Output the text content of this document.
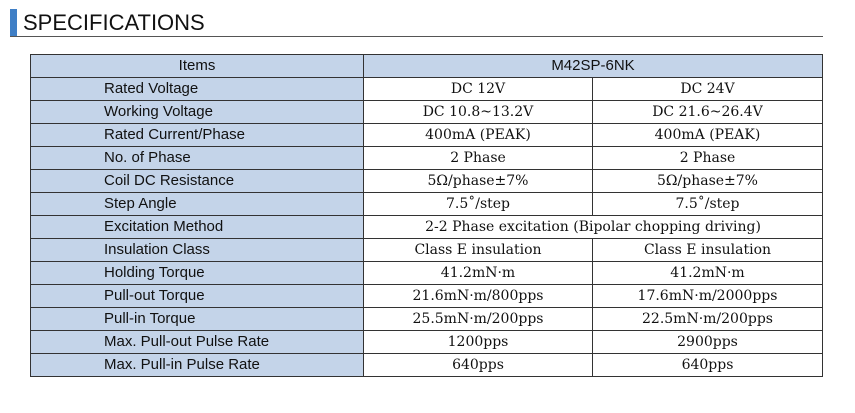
SPECIFICATIONS
Items	M42SP-6NK	
Rated Voltage	DC 12V	DC 24V
Working Voltage	DC 10.8~13.2V	DC 21.6~26.4V
Rated Current/Phase	400mA (PEAK)	400mA (PEAK)
No. of Phase	2 Phase	2 Phase
Coil DC Resistance	5Ω/phase±7%	5Ω/phase±7%
Step Angle	7.5˚/step	7.5˚/step
Excitation Method	2-2 Phase excitation (Bipolar chopping driving)	
Insulation Class	Class E insulation	Class E insulation
Holding Torque	41.2mN·m	41.2mN·m
Pull-out Torque	21.6mN·m/800pps	17.6mN·m/2000pps
Pull-in Torque	25.5mN·m/200pps	22.5mN·m/200pps
Max. Pull-out Pulse Rate	1200pps	2900pps
Max. Pull-in Pulse Rate	640pps	640pps
